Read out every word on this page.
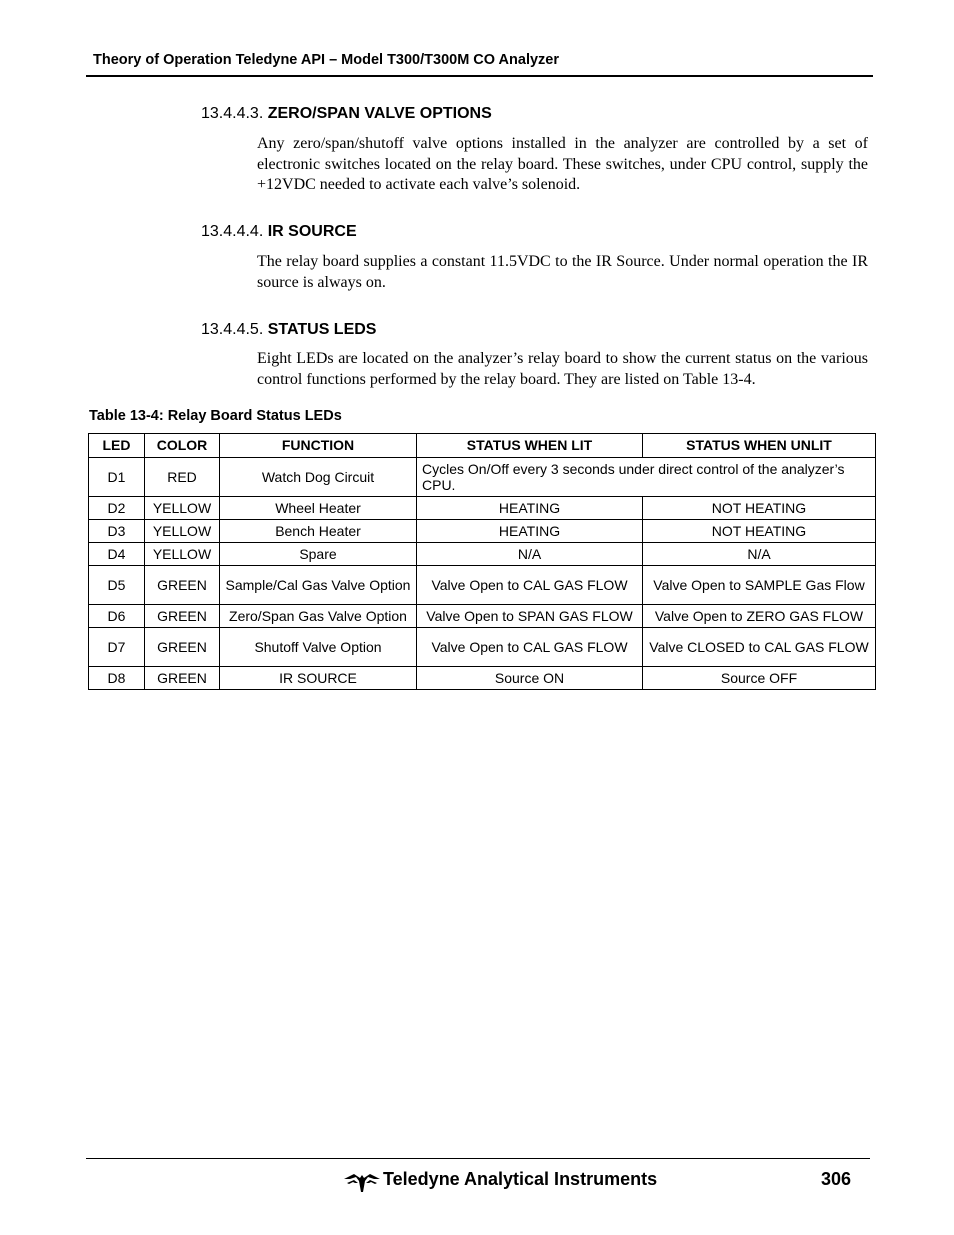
Theory of Operation Teledyne API – Model T300/T300M CO Analyzer
13.4.4.3. ZERO/SPAN VALVE OPTIONS

Any zero/span/shutoff valve options installed in the analyzer are controlled by a set of electronic switches located on the relay board. These switches, under CPU control, supply the +12VDC needed to activate each valve’s solenoid.

13.4.4.4. IR SOURCE

The relay board supplies a constant 11.5VDC to the IR Source. Under normal operation the IR source is always on.

13.4.4.5. STATUS LEDS

Eight LEDs are located on the analyzer’s relay board to show the current status on the various control functions performed by the relay board. They are listed on Table 13-4.

Table 13-4: Relay Board Status LEDs
LED	COLOR	FUNCTION	STATUS WHEN LIT	STATUS WHEN UNLIT
D1	RED	Watch Dog Circuit	Cycles On/Off every 3 seconds under direct control of the analyzer’s CPU.	
D2	YELLOW	Wheel Heater	HEATING	NOT HEATING
D3	YELLOW	Bench Heater	HEATING	NOT HEATING
D4	YELLOW	Spare	N/A	N/A
D5	GREEN	Sample/Cal Gas Valve Option	Valve Open to CAL GAS FLOW	Valve Open to SAMPLE Gas Flow
D6	GREEN	Zero/Span Gas Valve Option	Valve Open to SPAN GAS FLOW	Valve Open to ZERO GAS FLOW
D7	GREEN	Shutoff Valve Option	Valve Open to CAL GAS FLOW	Valve CLOSED to CAL GAS FLOW
D8	GREEN	IR SOURCE	Source ON	Source OFF
Teledyne Analytical Instruments	306
